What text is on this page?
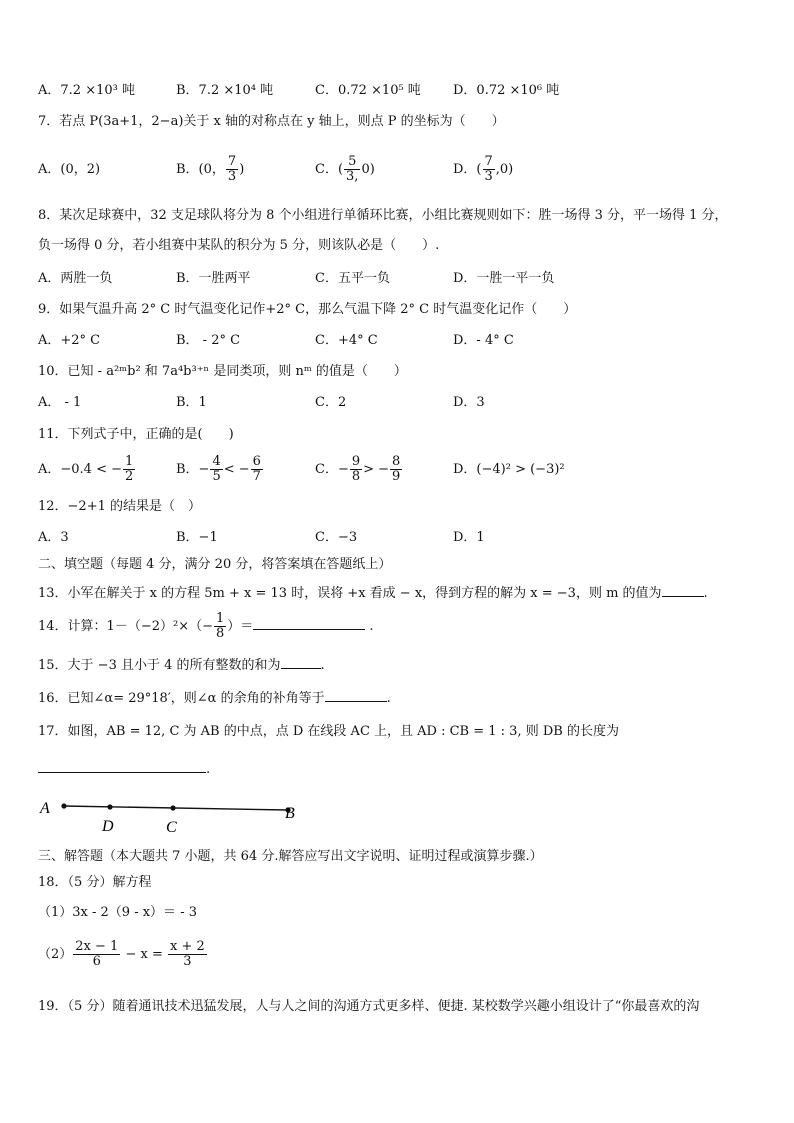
A．7.2 ×10³ 吨	B．7.2 ×10⁴ 吨	C．0.72 ×10⁵ 吨 D．0.72 ×10⁶ 吨
7．若点 P(3a+1，2−a)关于 x 轴的对称点在 y 轴上，则点 P 的坐标为（　　）
A．(0，2)	B．(0， $\frac{7}{3}$ )	C．( $\frac{5}{3,} 0$)	D．( $\frac{7}{3} ,0$)
8．某次足球赛中，32 支足球队将分为 8 个小组进行单循环比赛，小组比赛规则如下：胜一场得 3 分，平一场得 1 分，
负一场得 0 分，若小组赛中某队的积分为 5 分，则该队必是（　　）.
A．两胜一负	B．一胜两平	C．五平一负	D．一胜一平一负
9．如果气温升高 2° C 时气温变化记作+2° C，那么气温下降 2° C 时气温变化记作（　　）
A．+2° C	B． - 2° C	C．+4° C	D．- 4° C
10．已知 - a²ᵐb² 和 7a⁴b³⁺ⁿ 是同类项，则 nᵐ 的值是（　　）
A． - 1	B．1	C．2	D．3
11．下列式子中，正确的是(　　)
A．−0.4 < − $\frac{1}{2}$	B．− $\frac{4}{5}$ < − $\frac{6}{7}$	C．− $\frac{9}{8}$ > − $\frac{8}{9}$	D．(−4)² > (−3)²
12．−2+1 的结果是（　）
A．3	B．−1	C．−3	D．1
二、填空题（每题 4 分，满分 20 分，将答案填在答题纸上）
13．小军在解关于 x 的方程 5m + x = 13 时，误将 +x 看成 − x，得到方程的解为 x = −3，则 m 的值为	.
14．计算：$1-(-2)^2\times(- \frac{1}{8}$ ）＝	.
15．大于 −3 且小于 4 的所有整数的和为	.
16．已知∠α= 29°18′，则∠α 的余角的补角等于	.
17．如图，AB = 12, C 为 AB 的中点，点 D 在线段 AC 上，且 AD : CB = 1 : 3, 则 DB 的长度为
.
A
D	C
B
三、解答题（本大题共 7 小题，共 64 分.解答应写出文字说明、证明过程或演算步骤.）
18．（5 分）解方程
（1）3x - 2（9 - x）＝ - 3
$(2) \frac{2x - 1}{6} - x = \frac{x + 2}{3}$
19．（5 分）随着通讯技术迅猛发展，人与人之间的沟通方式更多样、便捷. 某校数学兴趣小组设计了“你最喜欢的沟
